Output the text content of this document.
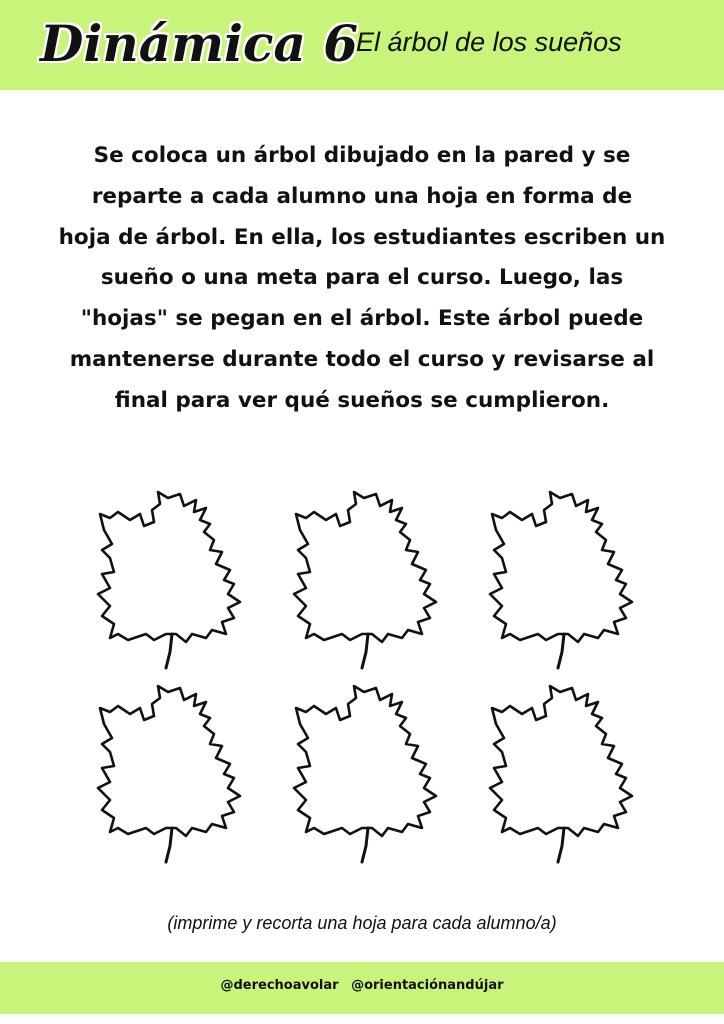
Dinámica 6
El árbol de los sueños
Se coloca un árbol dibujado en la pared y se
reparte a cada alumno una hoja en forma de
hoja de árbol. En ella, los estudiantes escriben un
sueño o una meta para el curso. Luego, las
"hojas" se pegan en el árbol. Este árbol puede
mantenerse durante todo el curso y revisarse al
final para ver qué sueños se cumplieron.
(imprime y recorta una hoja para cada alumno/a)
@derechoavolar @orientaciónandújar
